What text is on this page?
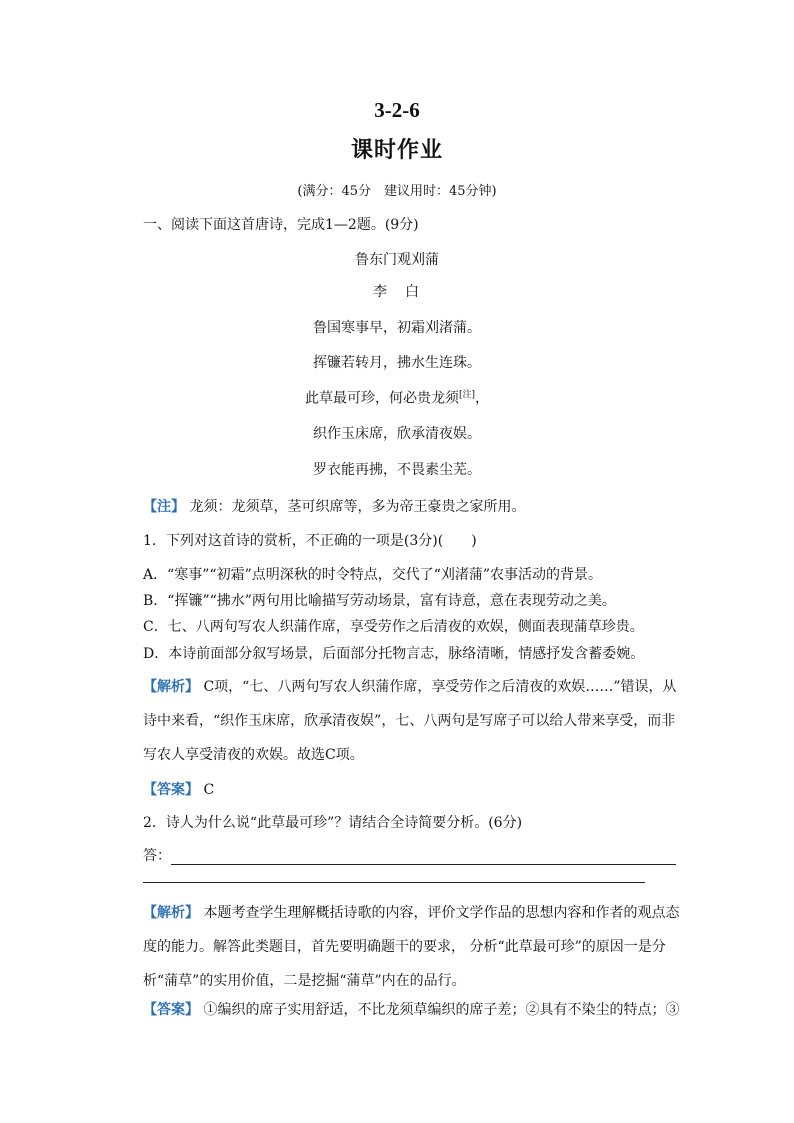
3-2-6
课时作业
(满分：45分　建议用时：45分钟)
一、阅读下面这首唐诗，完成1—2题。(9分)
鲁东门观刈蒲
李　白
鲁国寒事早，初霜刈渚蒲。
挥镰若转月，拂水生连珠。
此草最可珍，何必贵龙须[注]，
织作玉床席，欣承清夜娱。
罗衣能再拂，不畏素尘芜。
【注】 龙须：龙须草，茎可织席等，多为帝王豪贵之家所用。
1．下列对这首诗的赏析，不正确的一项是(3分)(　　)
A．“寒事”“初霜”点明深秋的时令特点，交代了“刈渚蒲”农事活动的背景。
B．“挥镰”“拂水”两句用比喻描写劳动场景，富有诗意，意在表现劳动之美。
C．七、八两句写农人织蒲作席，享受劳作之后清夜的欢娱，侧面表现蒲草珍贵。
D．本诗前面部分叙写场景，后面部分托物言志，脉络清晰，情感抒发含蓄委婉。
【解析】 C项，“七、八两句写农人织蒲作席，享受劳作之后清夜的欢娱……”错误，从诗中来看，“织作玉床席，欣承清夜娱”，七、八两句是写席子可以给人带来享受，而非写农人享受清夜的欢娱。故选C项。
【答案】 C
2．诗人为什么说“此草最可珍”？请结合全诗简要分析。(6分)
答：
【解析】 本题考查学生理解概括诗歌的内容，评价文学作品的思想内容和作者的观点态度的能力。解答此类题目，首先要明确题干的要求， 分析“此草最可珍”的原因一是分析“蒲草”的实用价值，二是挖掘“蒲草”内在的品行。
【答案】 ①编织的席子实用舒适，不比龙须草编织的席子差；②具有不染尘的特点；③
